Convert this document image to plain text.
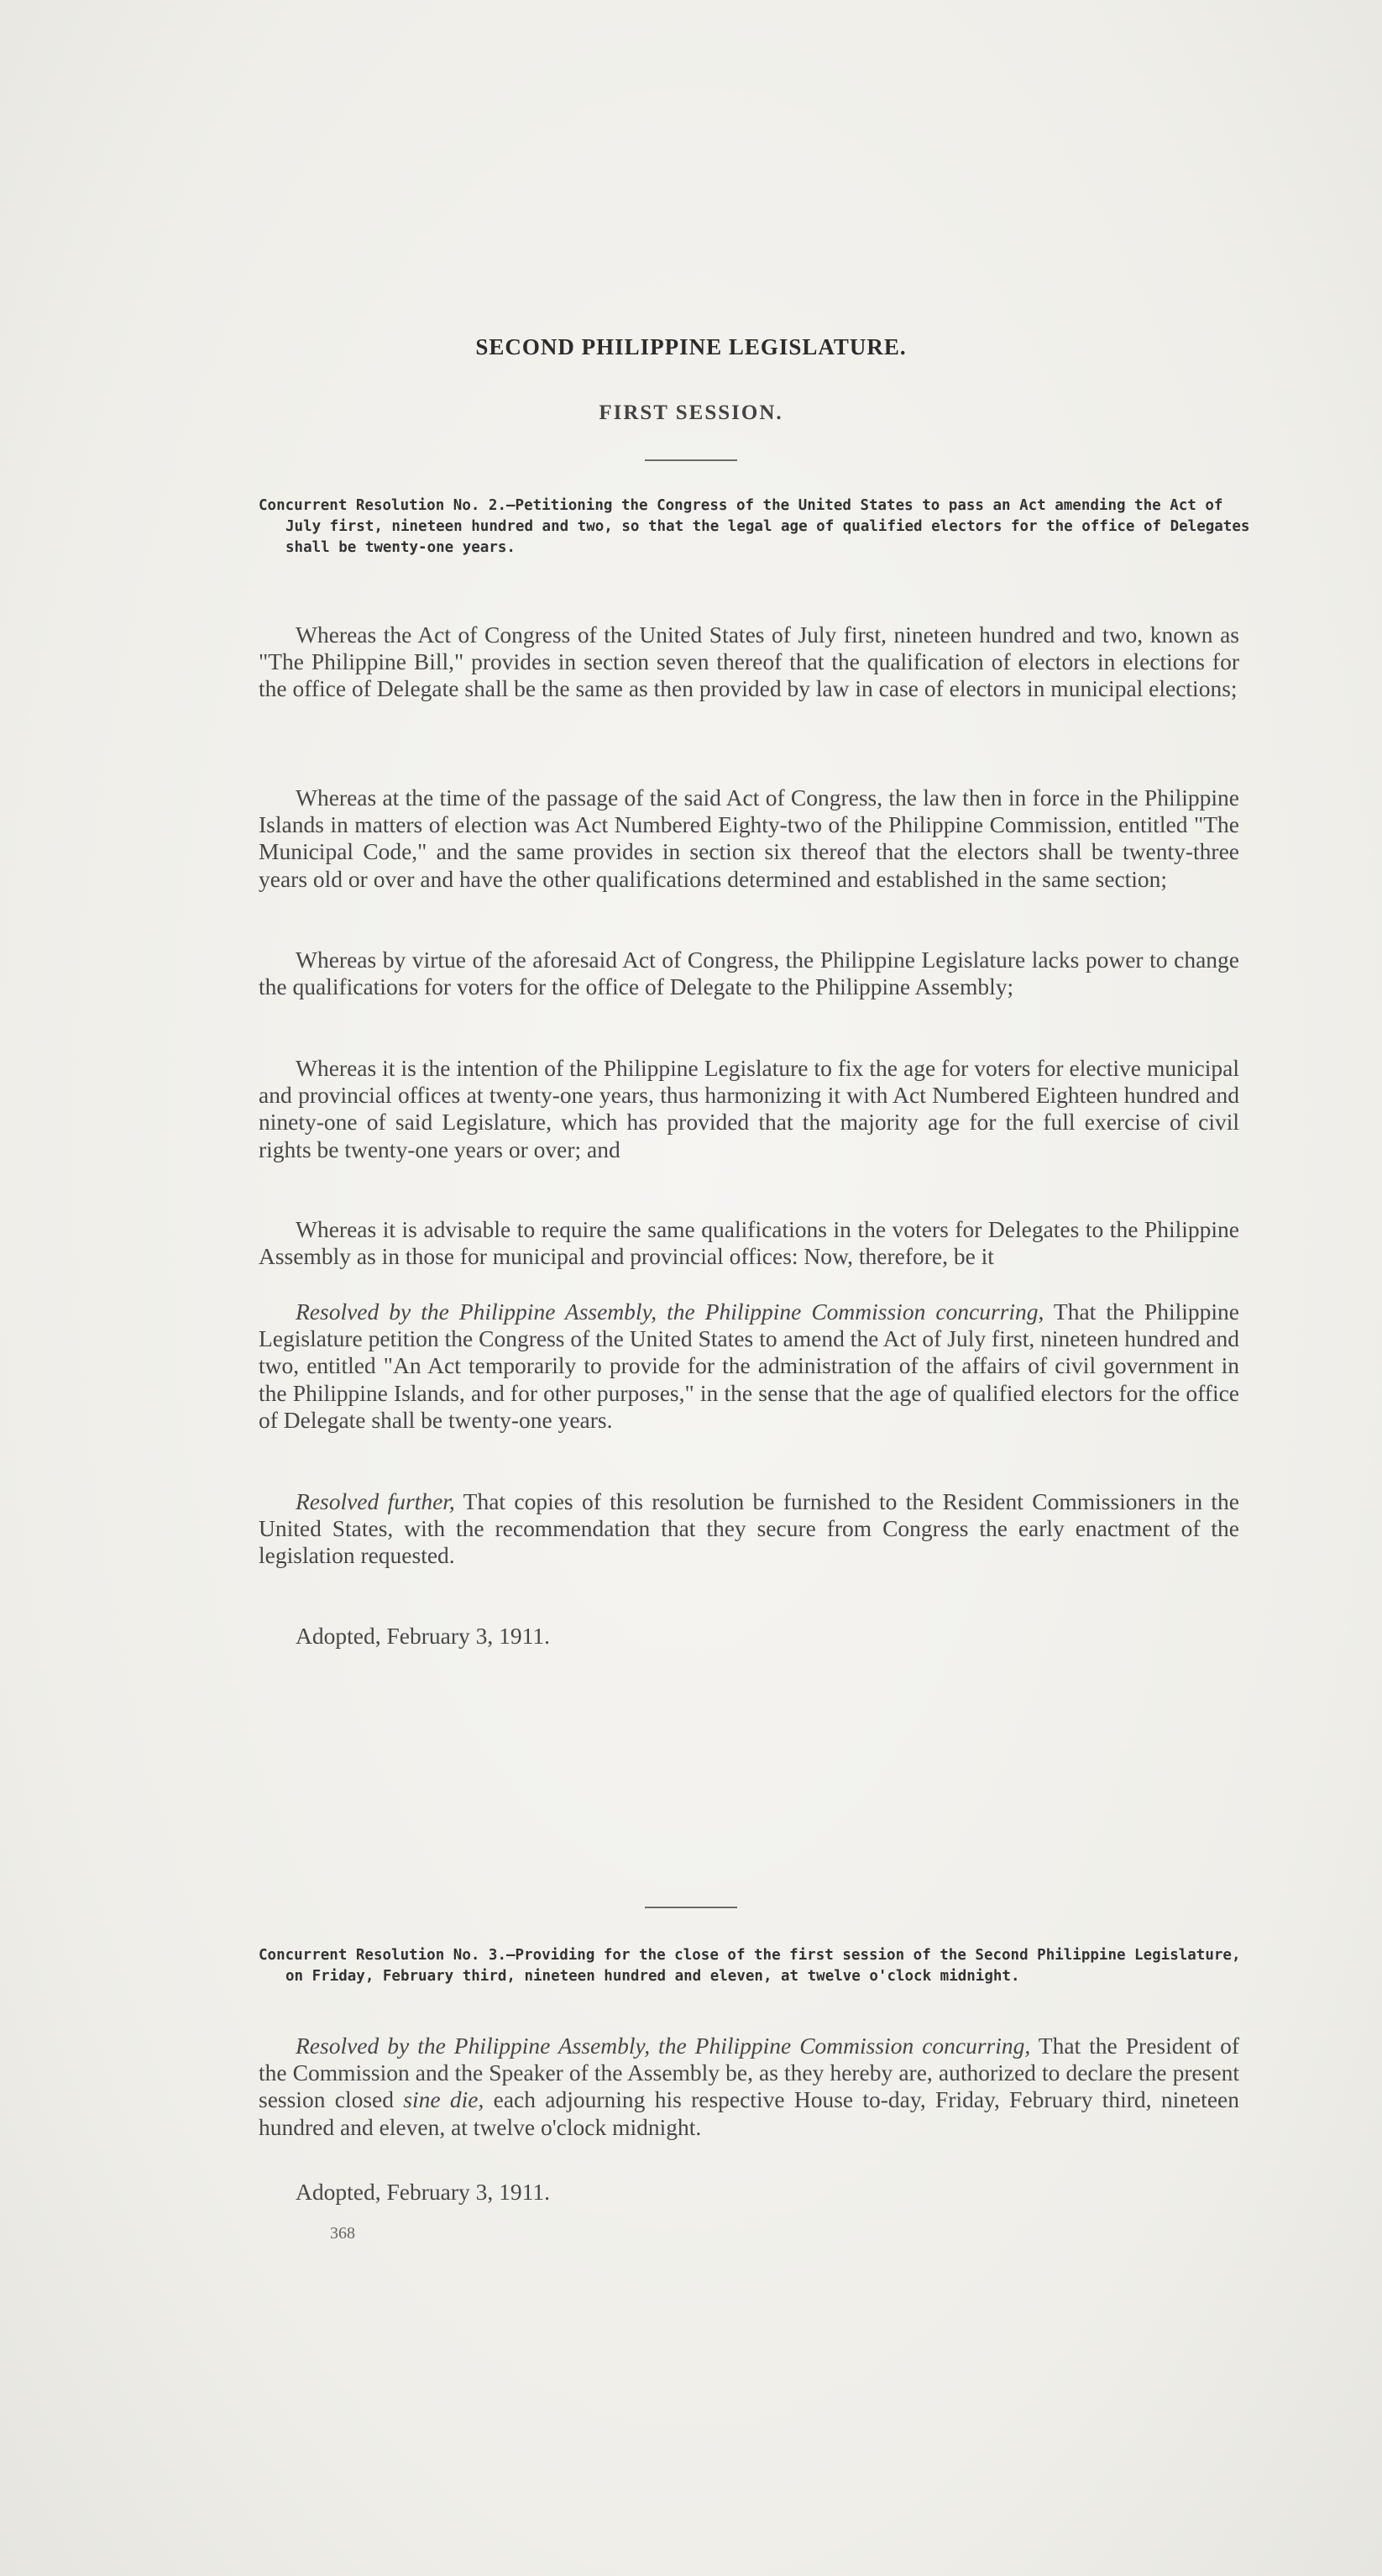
SECOND PHILIPPINE LEGISLATURE.
FIRST SESSION.

Concurrent Resolution No. 2.—Petitioning the Congress of the United States to pass an Act amending the Act of July first, nineteen hundred and two, so that the legal age of qualified electors for the office of Delegates shall be twenty-one years.

Whereas the Act of Congress of the United States of July first, nineteen hundred and two, known as "The Philippine Bill," provides in section seven thereof that the qualification of electors in elections for the office of Delegate shall be the same as then provided by law in case of electors in municipal elections;

Whereas at the time of the passage of the said Act of Congress, the law then in force in the Philippine Islands in matters of election was Act Numbered Eighty-two of the Philippine Commission, entitled "The Municipal Code," and the same provides in section six thereof that the electors shall be twenty-three years old or over and have the other qualifications determined and established in the same section;

Whereas by virtue of the aforesaid Act of Congress, the Philippine Legislature lacks power to change the qualifications for voters for the office of Delegate to the Philippine Assembly;

Whereas it is the intention of the Philippine Legislature to fix the age for voters for elective municipal and provincial offices at twenty-one years, thus harmonizing it with Act Numbered Eighteen hundred and ninety-one of said Legislature, which has provided that the majority age for the full exercise of civil rights be twenty-one years or over; and

Whereas it is advisable to require the same qualifications in the voters for Delegates to the Philippine Assembly as in those for municipal and provincial offices: Now, therefore, be it

Resolved by the Philippine Assembly, the Philippine Commission concurring, That the Philippine Legislature petition the Congress of the United States to amend the Act of July first, nineteen hundred and two, entitled "An Act temporarily to provide for the administration of the affairs of civil government in the Philippine Islands, and for other purposes," in the sense that the age of qualified electors for the office of Delegate shall be twenty-one years.

Resolved further, That copies of this resolution be furnished to the Resident Commissioners in the United States, with the recommendation that they secure from Congress the early enactment of the legislation requested.

Adopted, February 3, 1911.

Concurrent Resolution No. 3.—Providing for the close of the first session of the Second Philippine Legislature, on Friday, February third, nineteen hundred and eleven, at twelve o'clock midnight.

Resolved by the Philippine Assembly, the Philippine Commission concurring, That the President of the Commission and the Speaker of the Assembly be, as they hereby are, authorized to declare the present session closed sine die, each adjourning his respective House to-day, Friday, February third, nineteen hundred and eleven, at twelve o'clock midnight.

Adopted, February 3, 1911.

368
